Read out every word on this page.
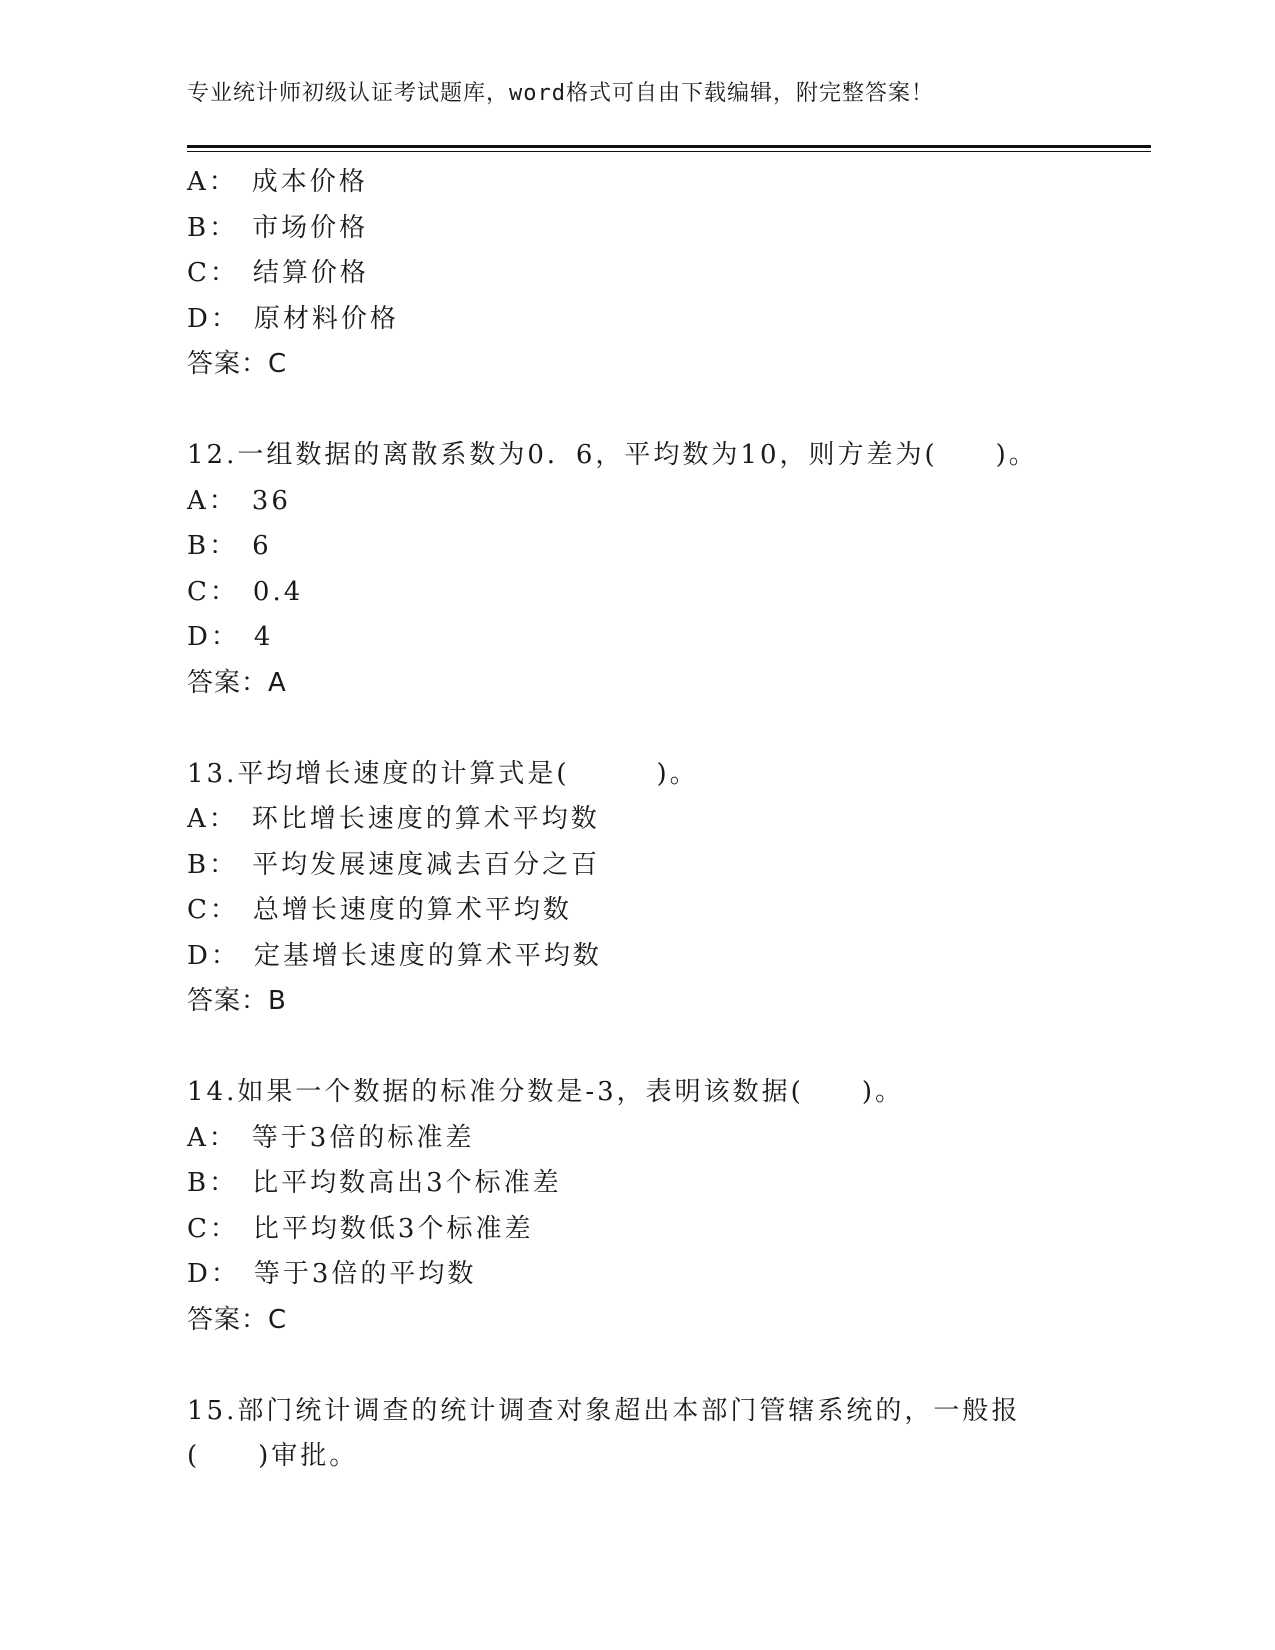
专业统计师初级认证考试题库，word格式可自由下载编辑，附完整答案！
A： 成本价格
B： 市场价格
C： 结算价格
D： 原材料价格
答案：C
12.一组数据的离散系数为0．6，平均数为10，则方差为(　　)。
A： 36
B： 6
C： 0.4
D： 4
答案：A
13.平均增长速度的计算式是(　　　)。
A： 环比增长速度的算术平均数
B： 平均发展速度减去百分之百
C： 总增长速度的算术平均数
D： 定基增长速度的算术平均数
答案：B
14.如果一个数据的标准分数是-3，表明该数据(　　)。
A： 等于3倍的标准差
B： 比平均数高出3个标准差
C： 比平均数低3个标准差
D： 等于3倍的平均数
答案：C
15.部门统计调查的统计调查对象超出本部门管辖系统的，一般报
(　　)审批。
